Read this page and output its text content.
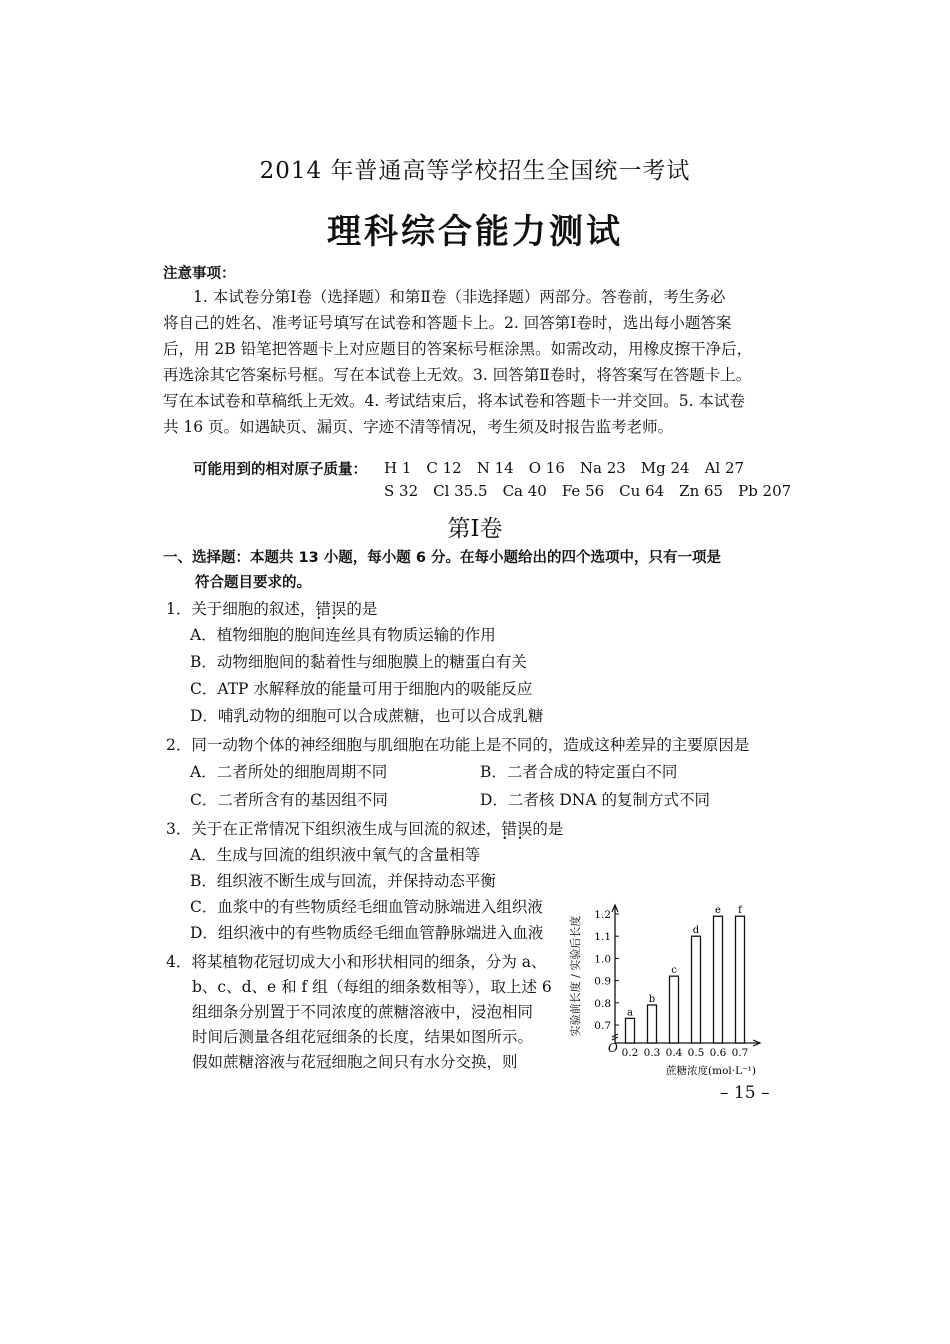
2014 年普通高等学校招生全国统一考试
理科综合能力测试
注意事项：
1. 本试卷分第Ⅰ卷（选择题）和第Ⅱ卷（非选择题）两部分。答卷前，考生务必
将自己的姓名、准考证号填写在试卷和答题卡上。2. 回答第Ⅰ卷时，选出每小题答案
后，用 2B 铅笔把答题卡上对应题目的答案标号框涂黑。如需改动，用橡皮擦干净后，
再选涂其它答案标号框。写在本试卷上无效。3. 回答第Ⅱ卷时，将答案写在答题卡上。
写在本试卷和草稿纸上无效。4. 考试结束后，将本试卷和答题卡一并交回。5. 本试卷
共 16 页。如遇缺页、漏页、字迹不清等情况，考生须及时报告监考老师。
可能用到的相对原子质量： H 1　C 12　N 14　O 16　Na 23　Mg 24　Al 27
S 32　Cl 35.5　Ca 40　Fe 56　Cu 64　Zn 65　Pb 207
第Ⅰ卷
一、选择题：本题共 13 小题，每小题 6 分。在每小题给出的四个选项中，只有一项是
符合题目要求的。
1．关于细胞的叙述，错误 • •的是
A．植物细胞的胞间连丝具有物质运输的作用
B．动物细胞间的黏着性与细胞膜上的糖蛋白有关
C．ATP 水解释放的能量可用于细胞内的吸能反应
D．哺乳动物的细胞可以合成蔗糖，也可以合成乳糖
2．同一动物个体的神经细胞与肌细胞在功能上是不同的，造成这种差异的主要原因是
A．二者所处的细胞周期不同	B．二者合成的特定蛋白不同
C．二者所含有的基因组不同	D．二者核 DNA 的复制方式不同
3．关于在正常情况下组织液生成与回流的叙述，错误 • •的是
A．生成与回流的组织液中氧气的含量相等
B．组织液不断生成与回流，并保持动态平衡
C．血浆中的有些物质经毛细血管动脉端进入组织液
D．组织液中的有些物质经毛细血管静脉端进入血液
4．将某植物花冠切成大小和形状相同的细条，分为 a、
b、c、d、e 和 f 组（每组的细条数相等），取上述 6
组细条分别置于不同浓度的蔗糖溶液中，浸泡相同
时间后测量各组花冠细条的长度，结果如图所示。
假如蔗糖溶液与花冠细胞之间只有水分交换，则
0.7
0.8
0.9
1.0
1.1
1.2
a
0.2
b
0.3
c
0.4
d
0.5
e
0.6
f
0.7
实验前长度 / 实验后长度
蔗糖浓度(mol·L⁻¹)
O
– 15 –
